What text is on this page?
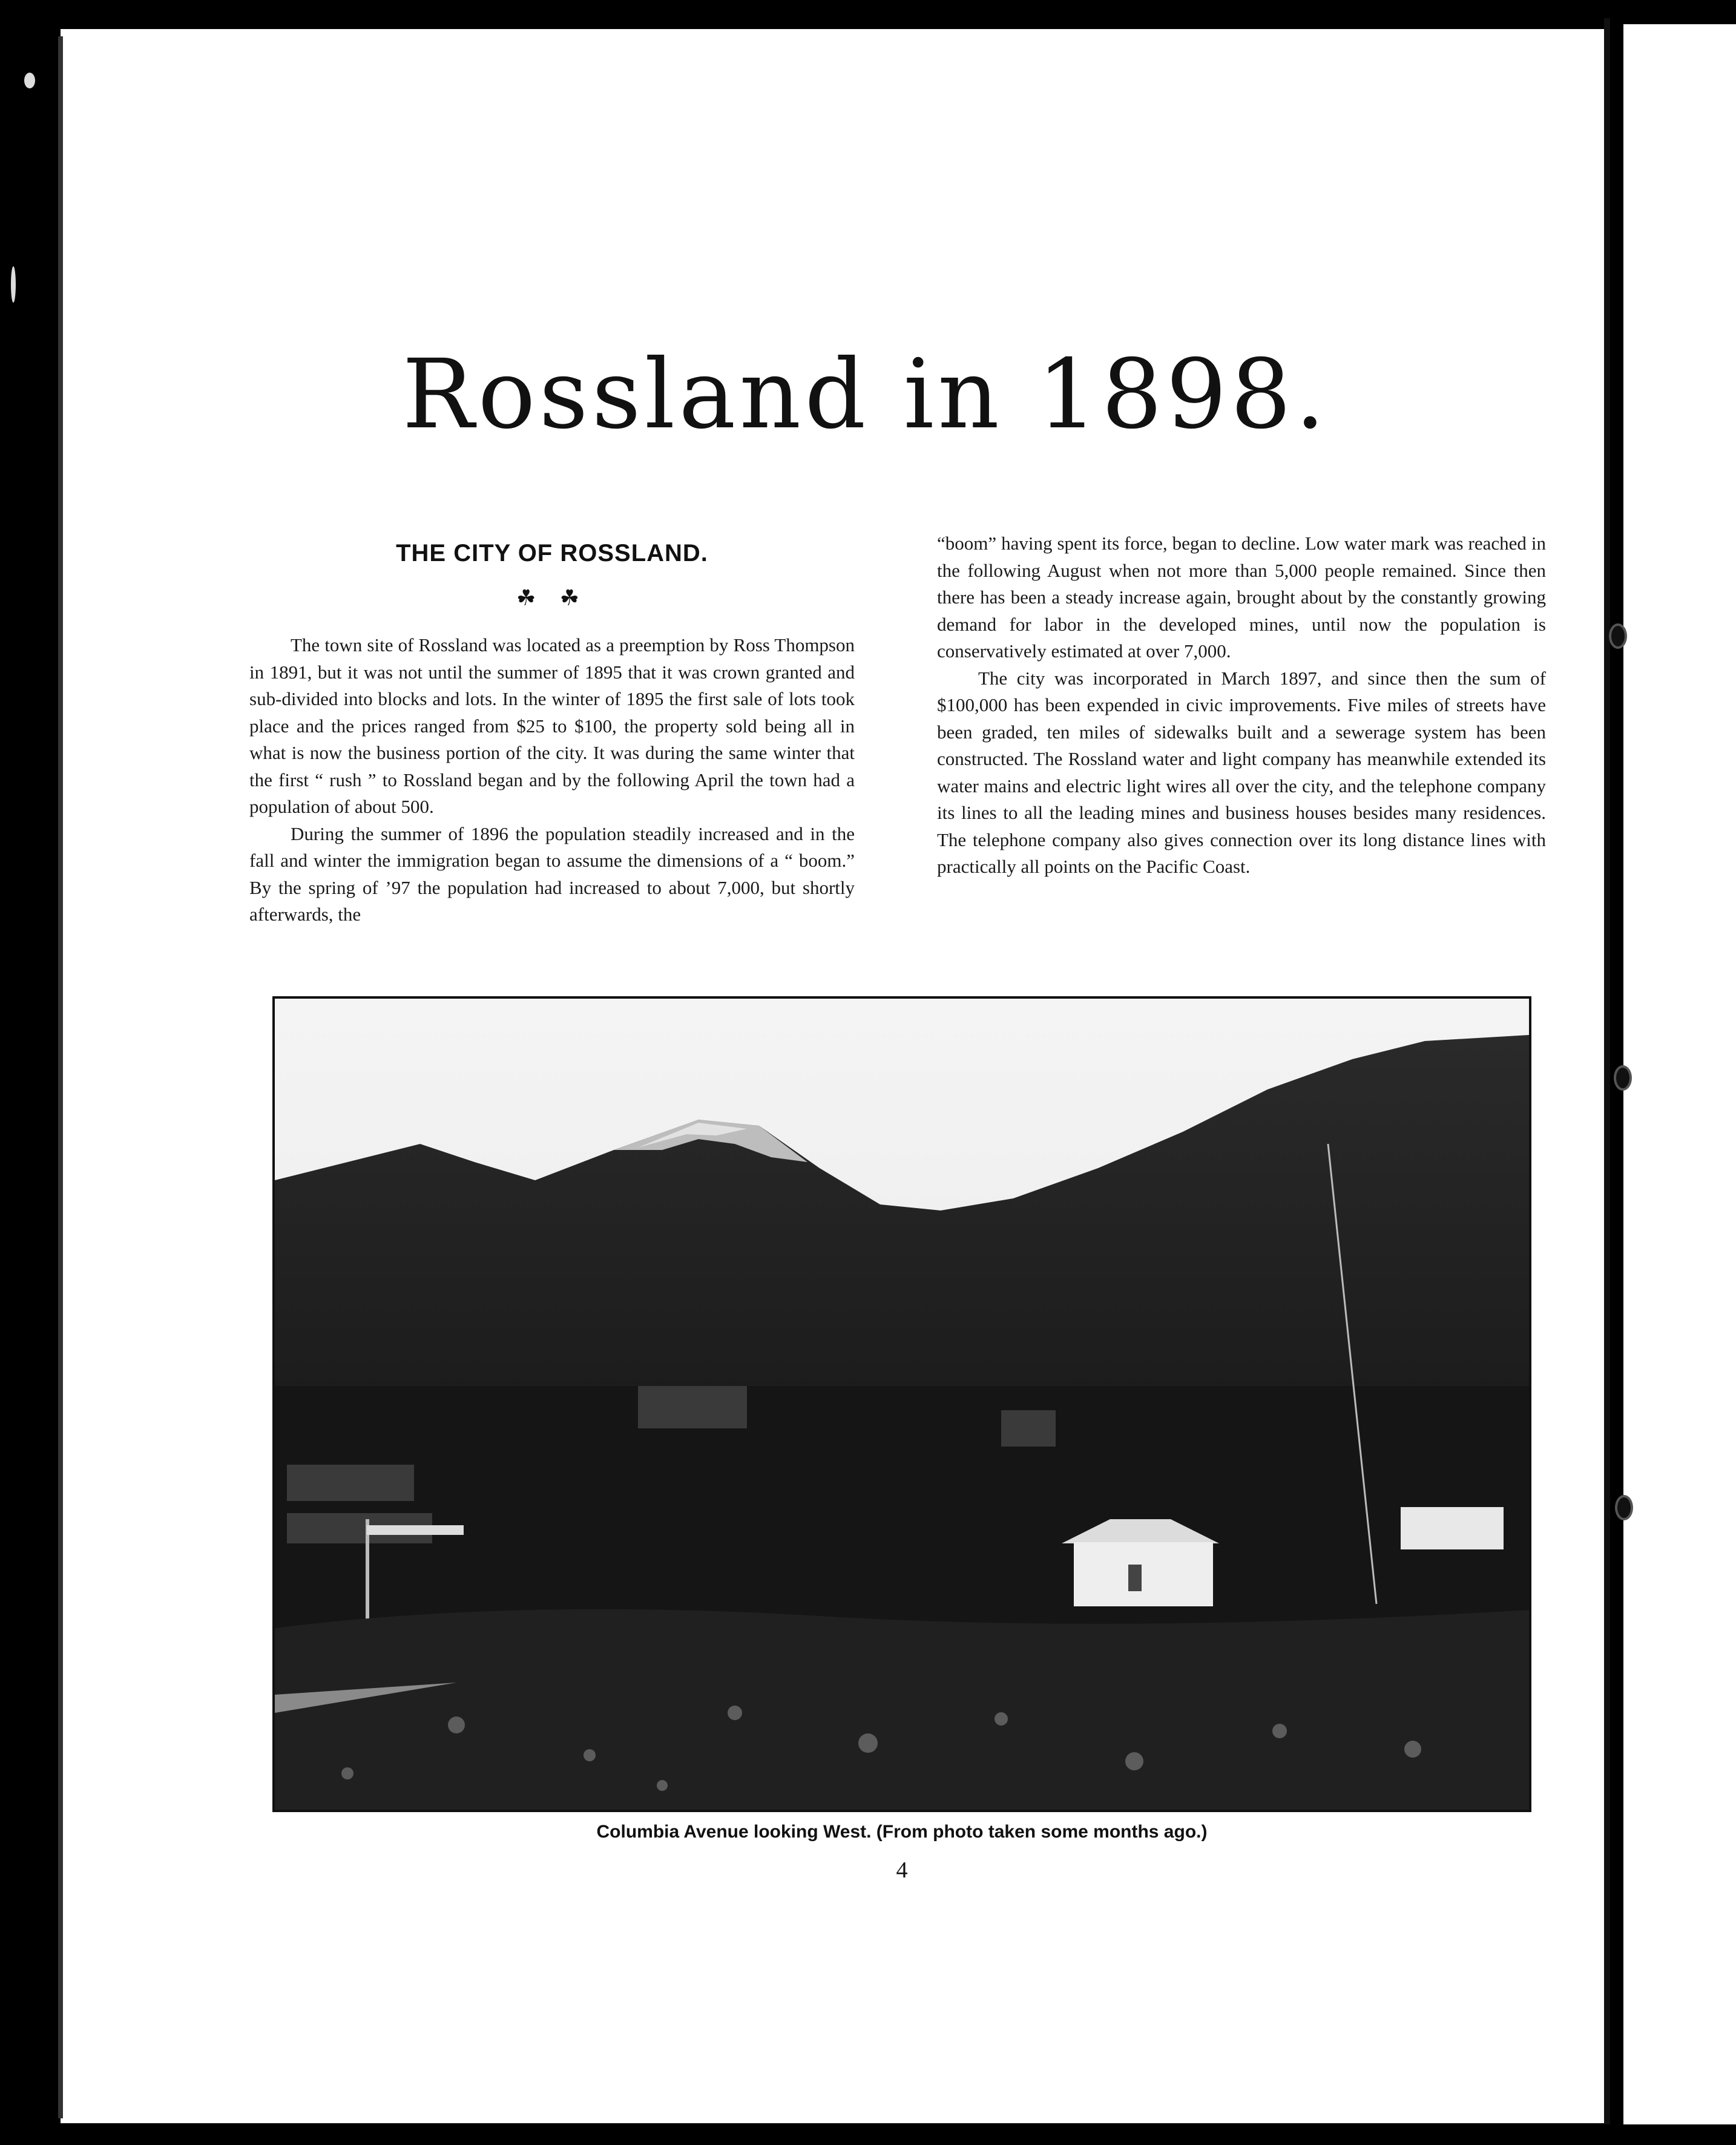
Rossland in 1898.
THE CITY OF ROSSLAND.
☘ ☘

The town site of Rossland was located as a preemption by Ross Thompson in 1891, but it was not until the summer of 1895 that it was crown granted and sub-divided into blocks and lots. In the winter of 1895 the first sale of lots took place and the prices ranged from $25 to $100, the property sold being all in what is now the business portion of the city. It was during the same winter that the first “ rush ” to Rossland began and by the following April the town had a population of about 500.

During the summer of 1896 the population steadily increased and in the fall and winter the immigration began to assume the dimensions of a “ boom.” By the spring of ’97 the population had increased to about 7,000, but shortly afterwards, the

“boom” having spent its force, began to decline. Low water mark was reached in the following August when not more than 5,000 people remained. Since then there has been a steady increase again, brought about by the constantly growing demand for labor in the developed mines, until now the population is conservatively estimated at over 7,000.

The city was incorporated in March 1897, and since then the sum of $100,000 has been expended in civic improvements. Five miles of streets have been graded, ten miles of sidewalks built and a sewerage system has been constructed. The Rossland water and light company has meanwhile extended its water mains and electric light wires all over the city, and the telephone company its lines to all the leading mines and business houses besides many residences. The telephone company also gives connection over its long distance lines with practically all points on the Pacific Coast.

Columbia Avenue looking West. (From photo taken some months ago.)
4
